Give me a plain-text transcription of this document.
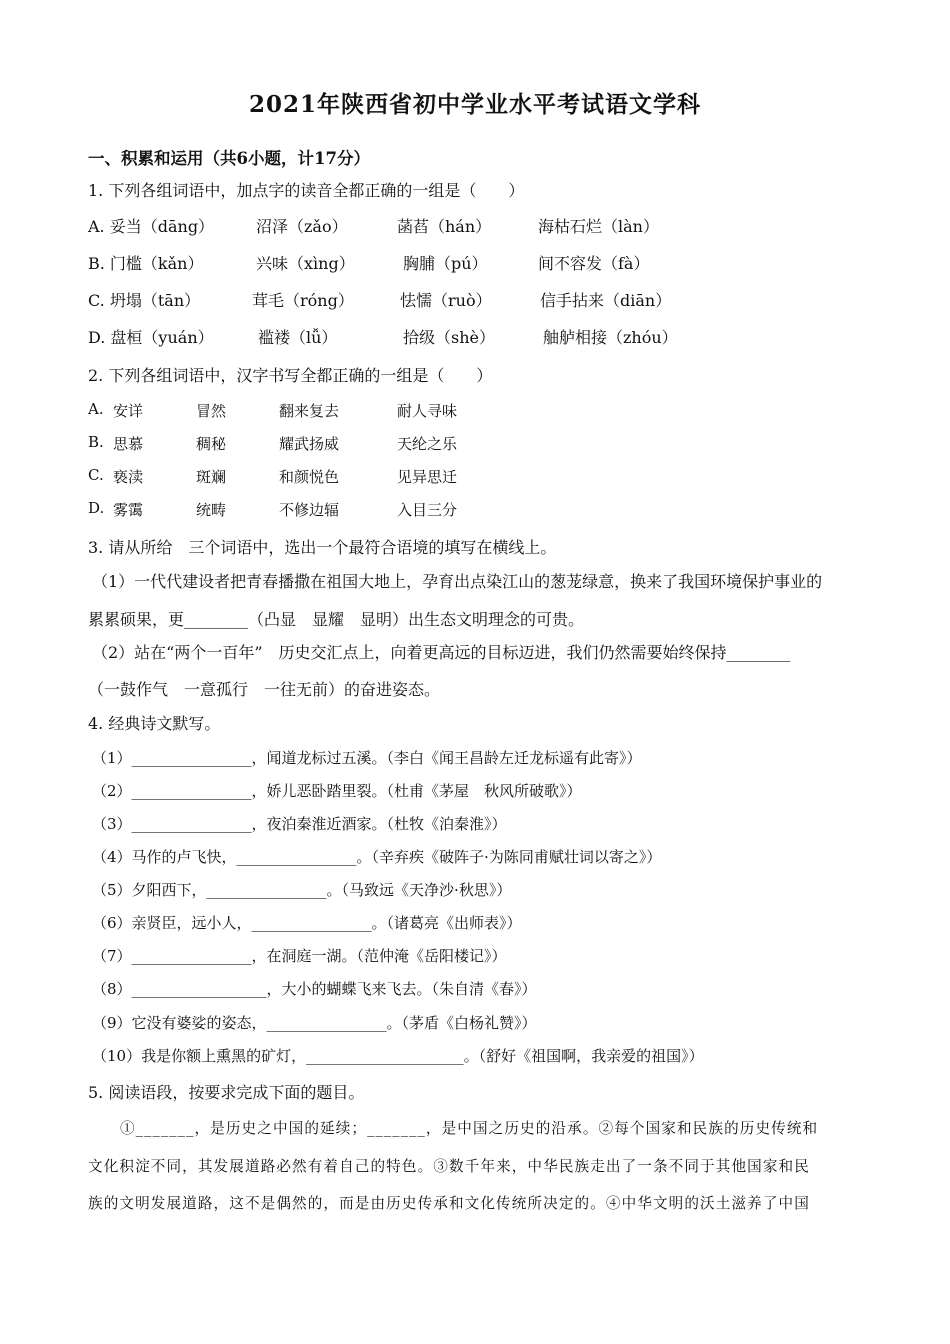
2021年陕西省初中学业水平考试语文学科
一、积累和运用（共6小题，计17分）
1. 下列各组词语中，加点字的读音全都正确的一组是（　　）
A. 妥当（dāng）	沼泽（zǎo）	菡萏（hán）	海枯石烂（làn）
B. 门槛（kǎn）	兴味（xìng）	胸脯（pú）	间不容发（fà）
C. 坍塌（tān）	茸毛（róng）	怯懦（ruò）	信手拈来（diān）
D. 盘桓（yuán）	褴褛（lǚ）	拾级（shè）	舳舻相接（zhóu）
2. 下列各组词语中，汉字书写全都正确的一组是（　　）
A. 安详	冒然	翻来复去	耐人寻味
B. 思慕	稠秘	耀武扬威	天纶之乐
C. 亵渎	斑斓	和颜悦色	见异思迁
D. 雾霭	统畴	不修边辐	入目三分
3. 请从所给　三个词语中，选出一个最符合语境的填写在横线上。
（1）一代代建设者把青春播撒在祖国大地上，孕育出点染江山的葱茏绿意，换来了我国环境保护事业的
累累硕果，更________（凸显　显耀　显明）出生态文明理念的可贵。
（2）站在“两个一百年”　历史交汇点上，向着更高远的目标迈进，我们仍然需要始终保持________
（一鼓作气　一意孤行　一往无前）的奋进姿态。
4. 经典诗文默写。
（1）________________，闻道龙标过五溪。（李白《闻王昌龄左迁龙标遥有此寄》）
（2）________________，娇儿恶卧踏里裂。（杜甫《茅屋　秋风所破歌》）
（3）________________，夜泊秦淮近酒家。（杜牧《泊秦淮》）
（4）马作的卢飞快，________________。（辛弃疾《破阵子·为陈同甫赋壮词以寄之》）
（5）夕阳西下，________________。（马致远《天净沙·秋思》）
（6）亲贤臣，远小人，________________。（诸葛亮《出师表》）
（7）________________，在洞庭一湖。（范仲淹《岳阳楼记》）
（8）__________________，大小的蝴蝶飞来飞去。（朱自清《春》）
（9）它没有婆娑的姿态，________________。（茅盾《白杨礼赞》）
（10）我是你额上熏黑的矿灯，_____________________。（舒好《祖国啊，我亲爱的祖国》）
5. 阅读语段，按要求完成下面的题目。
①_______，是历史之中国的延续；_______，是中国之历史的沿承。②每个国家和民族的历史传统和
文化积淀不同，其发展道路必然有着自己的特色。③数千年来，中华民族走出了一条不同于其他国家和民
族的文明发展道路，这不是偶然的，而是由历史传承和文化传统所决定的。④中华文明的沃土滋养了中国
